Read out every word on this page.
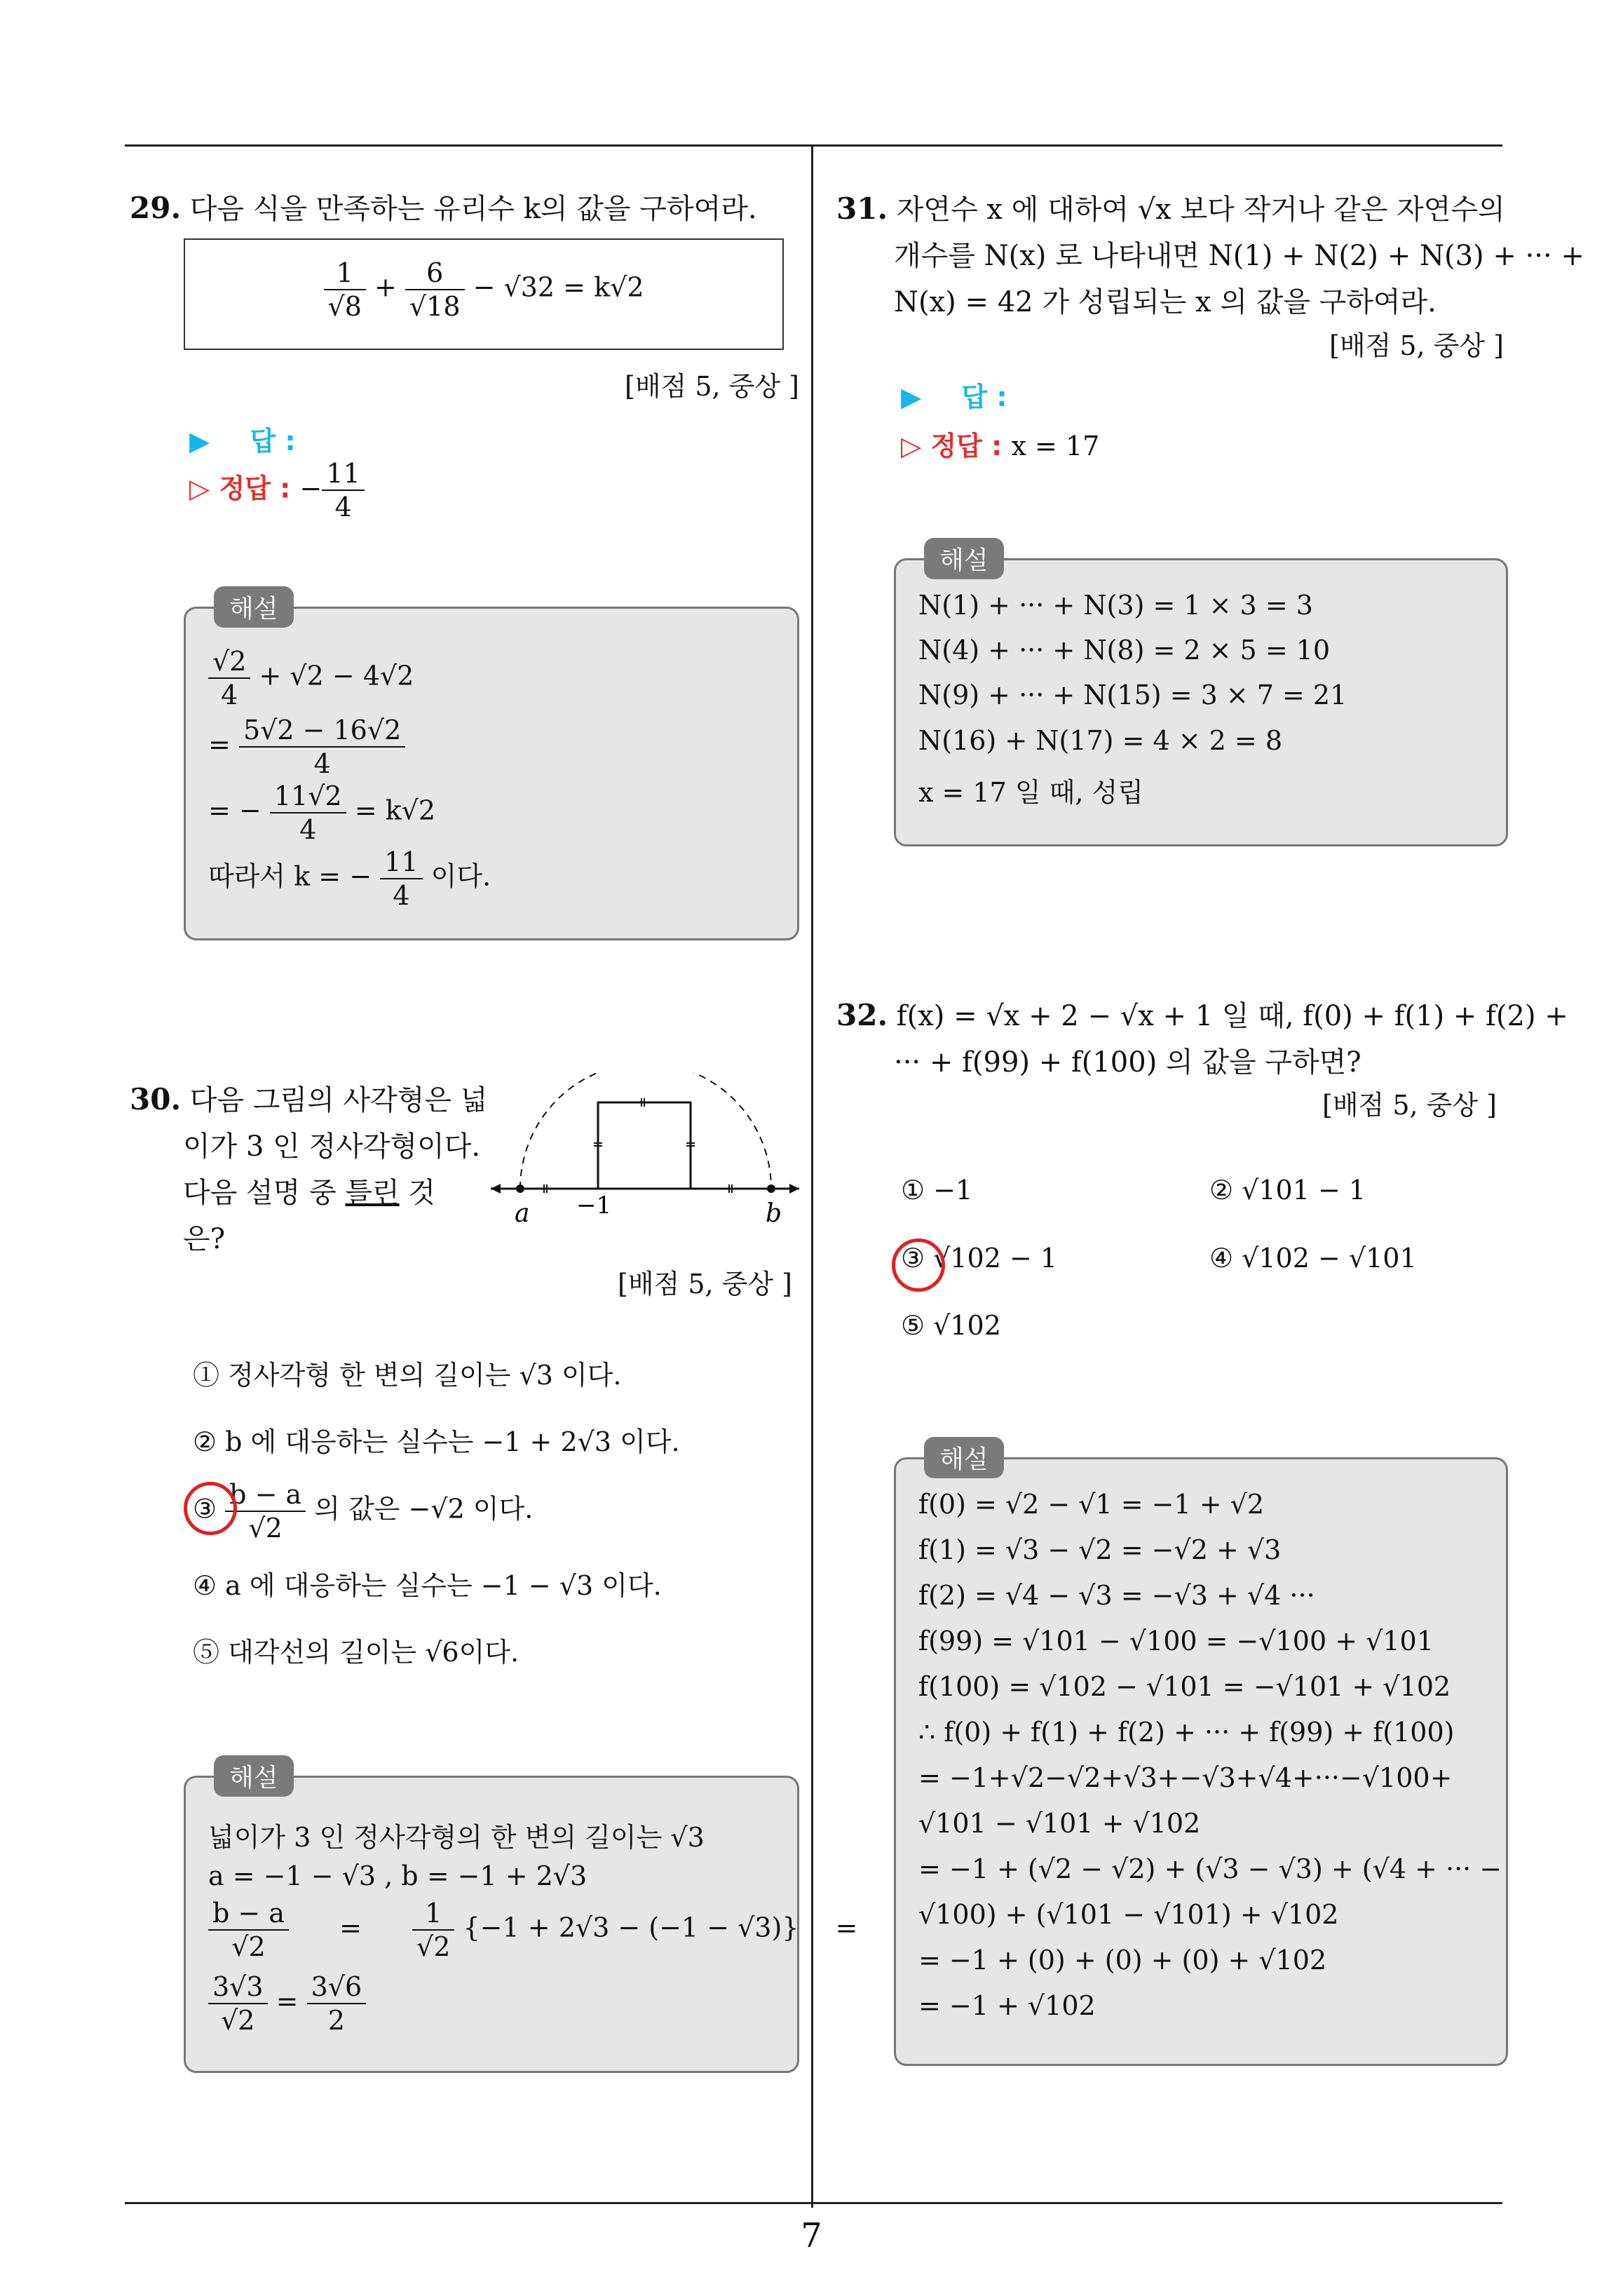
7
29. 다음 식을 만족하는 유리수 k의 값을 구하여라.
$\frac{1}{√8} + \frac{6}{√18} - √32 = k√2$
[배점 5, 중상 ]
▶ 답 :
▷ 정답 : − $\frac{11}{4}$
해설
$\frac{√2}{4} + √2 - 4√2$
= $\frac{5√2 - 16√2}{4}$
= − $\frac{11√2}{4} = k√2$
따라서 k = − $\frac{11}{4}$ 이다.
30. 다음 그림의 사각형은 넓
이가 3 인 정사각형이다.
다음 설명 중 틀린 것
은?
a −1	b
[배점 5, 중상 ]
① 정사각형 한 변의 길이는 √3 이다.
② b 에 대응하는 실수는 −1 + 2√3 이다.
③ $\frac{b - a}{√2}$ 의 값은 −√2 이다.
④ a 에 대응하는 실수는 −1 − √3 이다.
⑤ 대각선의 길이는 √6이다.
해설
넓이가 3 인 정사각형의 한 변의 길이는 √3
a = −1 − √3 , b = −1 + 2√3
$\frac{b - a}{√2} = \frac{1}{√2} \{-1 + 2√3 - (-1 - √3)\}$ =
$\frac{3√3}{√2} = \frac{3√6}{2}$
31. 자연수 x 에 대하여 √x 보다 작거나 같은 자연수의
개수를 N(x) 로 나타내면 N(1) + N(2) + N(3) + ··· +
N(x) = 42 가 성립되는 x 의 값을 구하여라.
[배점 5, 중상 ]
▶ 답 :
▷ 정답 : x = 17
해설
N(1) + ··· + N(3) = 1 × 3 = 3
N(4) + ··· + N(8) = 2 × 5 = 10
N(9) + ··· + N(15) = 3 × 7 = 21
N(16) + N(17) = 4 × 2 = 8
x = 17 일 때, 성립
32. f(x) = √x + 2 − √x + 1 일 때, f(0) + f(1) + f(2) +
··· + f(99) + f(100) 의 값을 구하면?
[배점 5, 중상 ]
① −1	② √101 − 1
③ √102 − 1	④ √102 − √101
⑤ √102
해설
f(0) = √2 − √1 = −1 + √2
f(1) = √3 − √2 = −√2 + √3
f(2) = √4 − √3 = −√3 + √4 ···
f(99) = √101 − √100 = −√100 + √101
f(100) = √102 − √101 = −√101 + √102
∴ f(0) + f(1) + f(2) + ··· + f(99) + f(100)
= −1+√2−√2+√3+−√3+√4+···−√100+
√101 − √101 + √102
= −1 + (√2 − √2) + (√3 − √3) + (√4 + ··· −
√100) + (√101 − √101) + √102
= −1 + (0) + (0) + (0) + √102
= −1 + √102
